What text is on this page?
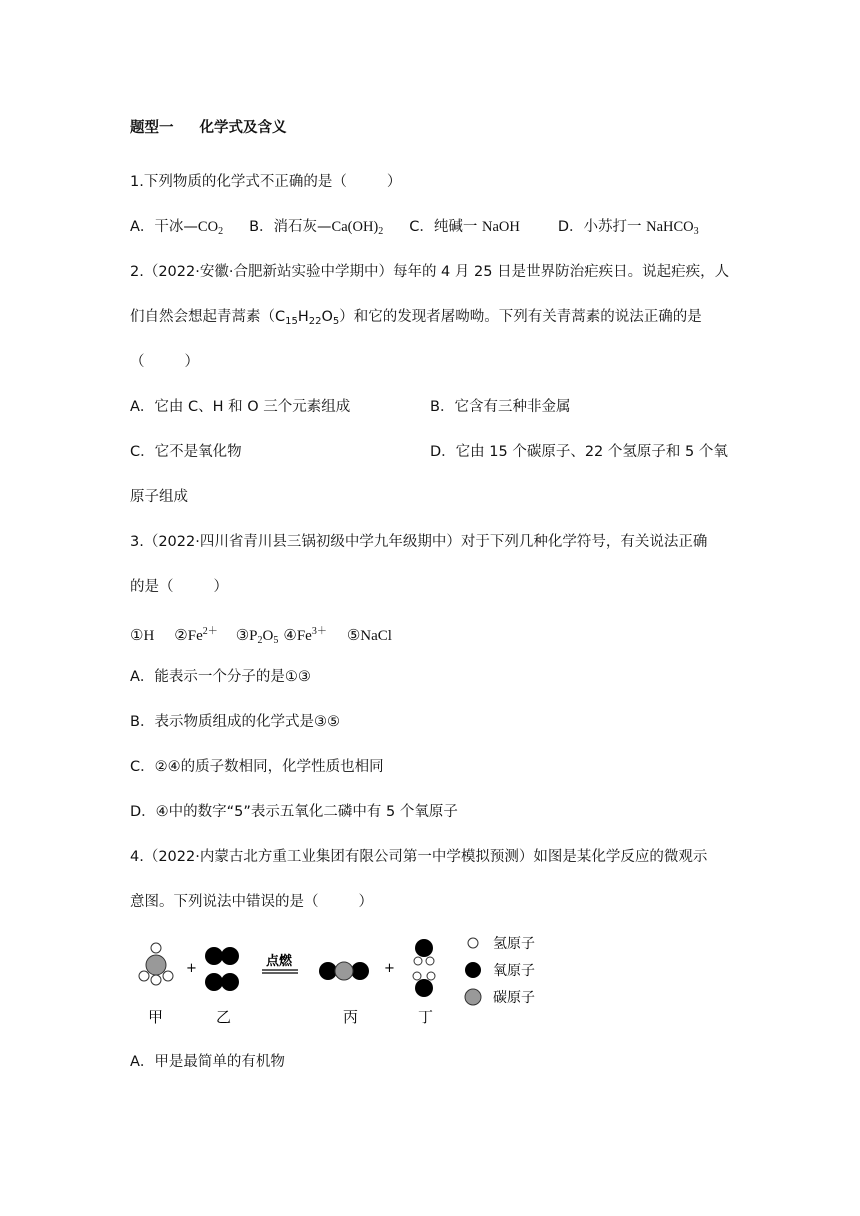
题型一 化学式及含义
1.下列物质的化学式不正确的是（	）
A．干冰$—CO_2$ B．消石灰$—Ca(OH)_2$ C．纯碱一 NaOH	D．小苏打一 NaHCO$_3$
2.（2022·安徽·合肥新站实验中学期中）每年的 4 月 25 日是世界防治疟疾日。说起疟疾，人
们自然会想起青蒿素$(C_{15}H_{22}O_5)$和它的发现者屠呦呦。下列有关青蒿素的说法正确的是
（	）
A．它由 C、H 和 O 三个元素组成	B．它含有三种非金属
C．它不是氧化物	D．它由 15 个碳原子、22 个氢原子和 5 个氧
原子组成
3.（2022·四川省青川县三锅初级中学九年级期中）对于下列几种化学符号，有关说法正确
的是（	）
①H $②Fe^{2+}$ $③P_2O_5$ $④Fe^{3+}$ ⑤NaCl
A．能表示一个分子的是①③
B．表示物质组成的化学式是③⑤
C．②④的质子数相同，化学性质也相同
D．④中的数字“5”表示五氧化二磷中有 5 个氧原子
4.（2022·内蒙古北方重工业集团有限公司第一中学模拟预测）如图是某化学反应的微观示
意图。下列说法中错误的是（	）
+	点燃	+
甲	乙	丙	丁
氢原子
氧原子
碳原子
A．甲是最简单的有机物
